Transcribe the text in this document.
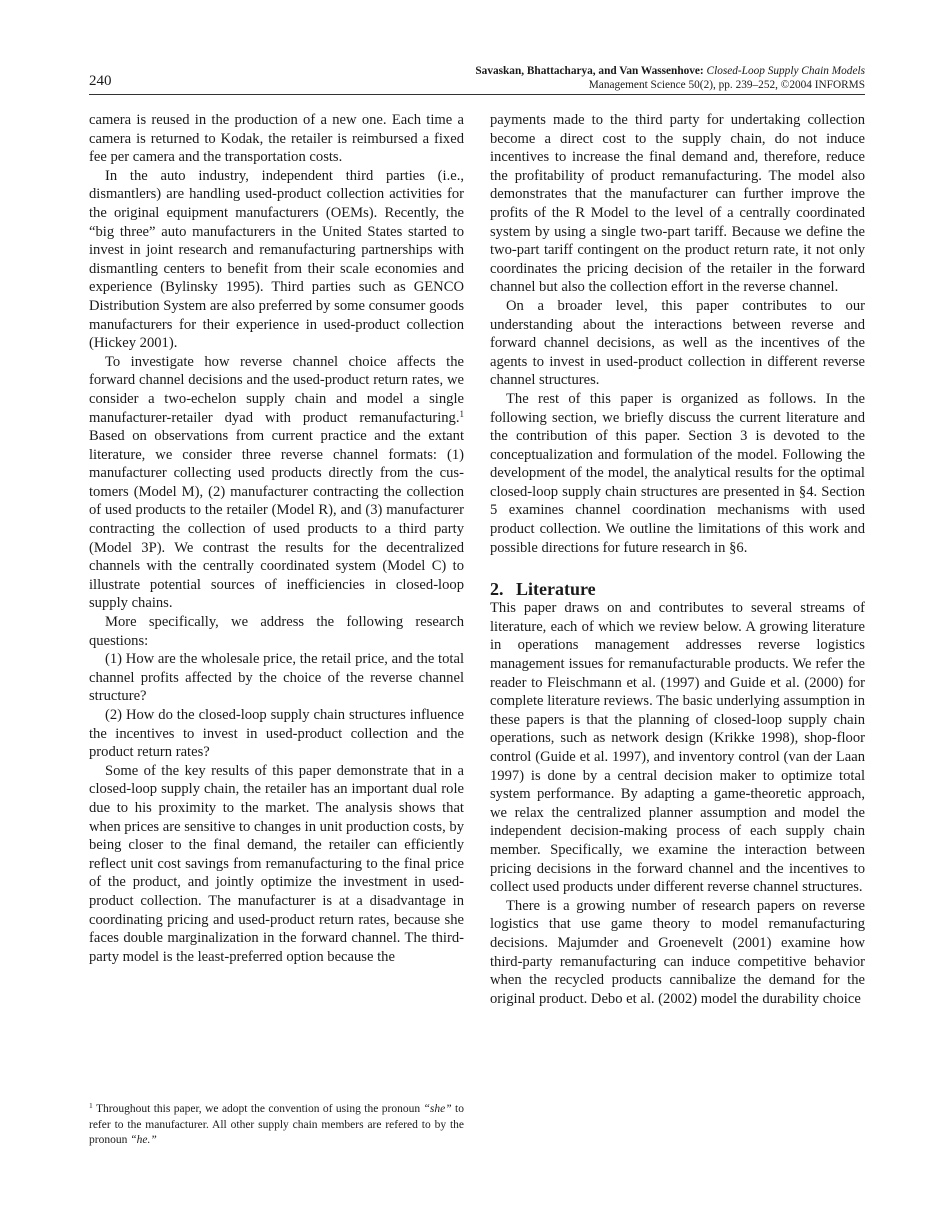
240
Savaskan, Bhattacharya, and Van Wassenhove: Closed-Loop Supply Chain Models
Management Science 50(2), pp. 239–252, ©2004 INFORMS

camera is reused in the production of a new one. Each time a camera is returned to Kodak, the retailer is reimbursed a fixed fee per camera and the transportation costs.

In the auto industry, independent third parties (i.e., dismantlers) are handling used-product collection activities for the original equipment manufacturers (OEMs). Recently, the “big three” auto manufacturers in the United States started to invest in joint research and remanufacturing partnerships with dismantling centers to benefit from their scale economies and experience (Bylinsky 1995). Third parties such as GENCO Distribution System are also preferred by some consumer goods manufacturers for their experience in used-product collection (Hickey 2001).

To investigate how reverse channel choice affects the forward channel decisions and the used-product return rates, we consider a two-echelon supply chain and model a single manufacturer-retailer dyad with product remanufacturing.$^1$ Based on observations from current practice and the extant literature, we consider three reverse channel formats: (1) manufacturer collecting used products directly from the customers (Model M), (2) manufacturer contracting the collection of used products to the retailer (Model R), and (3) manufacturer contracting the collection of used products to a third party (Model 3P). We contrast the results for the decentralized channels with the centrally coordinated system (Model C) to illustrate potential sources of inefficiencies in closed-loop supply chains.

More specifically, we address the following research questions:

(1) How are the wholesale price, the retail price, and the total channel profits affected by the choice of the reverse channel structure?

(2) How do the closed-loop supply chain structures influence the incentives to invest in used-product collection and the product return rates?

Some of the key results of this paper demonstrate that in a closed-loop supply chain, the retailer has an important dual role due to his proximity to the market. The analysis shows that when prices are sensitive to changes in unit production costs, by being closer to the final demand, the retailer can efficiently reflect unit cost savings from remanufacturing to the final price of the product, and jointly optimize the investment in used-product collection. The manufacturer is at a disadvantage in coordinating pricing and used-product return rates, because she faces double marginalization in the forward channel. The third-party model is the least-preferred option because the

$^1$ Throughout this paper, we adopt the convention of using the pronoun “she” to refer to the manufacturer. All other supply chain members are refered to by the pronoun “he.”

payments made to the third party for undertaking collection become a direct cost to the supply chain, do not induce incentives to increase the final demand and, therefore, reduce the profitability of product remanufacturing. The model also demonstrates that the manufacturer can further improve the profits of the R Model to the level of a centrally coordinated system by using a single two-part tariff. Because we define the two-part tariff contingent on the product return rate, it not only coordinates the pricing decision of the retailer in the forward channel but also the collection effort in the reverse channel.

On a broader level, this paper contributes to our understanding about the interactions between reverse and forward channel decisions, as well as the incentives of the agents to invest in used-product collection in different reverse channel structures.

The rest of this paper is organized as follows. In the following section, we briefly discuss the current literature and the contribution of this paper. Section 3 is devoted to the conceptualization and formulation of the model. Following the development of the model, the analytical results for the optimal closed-loop supply chain structures are presented in §4. Section 5 examines channel coordination mechanisms with used product collection. We outline the limitations of this work and possible directions for future research in §6.

2. Literature

This paper draws on and contributes to several streams of literature, each of which we review below. A growing literature in operations management addresses reverse logistics management issues for remanufacturable products. We refer the reader to Fleischmann et al. (1997) and Guide et al. (2000) for complete literature reviews. The basic underlying assumption in these papers is that the planning of closed-loop supply chain operations, such as network design (Krikke 1998), shop-floor control (Guide et al. 1997), and inventory control (van der Laan 1997) is done by a central decision maker to optimize total system performance. By adapting a game-theoretic approach, we relax the centralized planner assumption and model the independent decision-making process of each supply chain member. Specifically, we examine the interaction between pricing decisions in the forward channel and the incentives to collect used products under different reverse channel structures.

There is a growing number of research papers on reverse logistics that use game theory to model remanufacturing decisions. Majumder and Groenevelt (2001) examine how third-party remanufacturing can induce competitive behavior when the recycled products cannibalize the demand for the original product. Debo et al. (2002) model the durability choice
